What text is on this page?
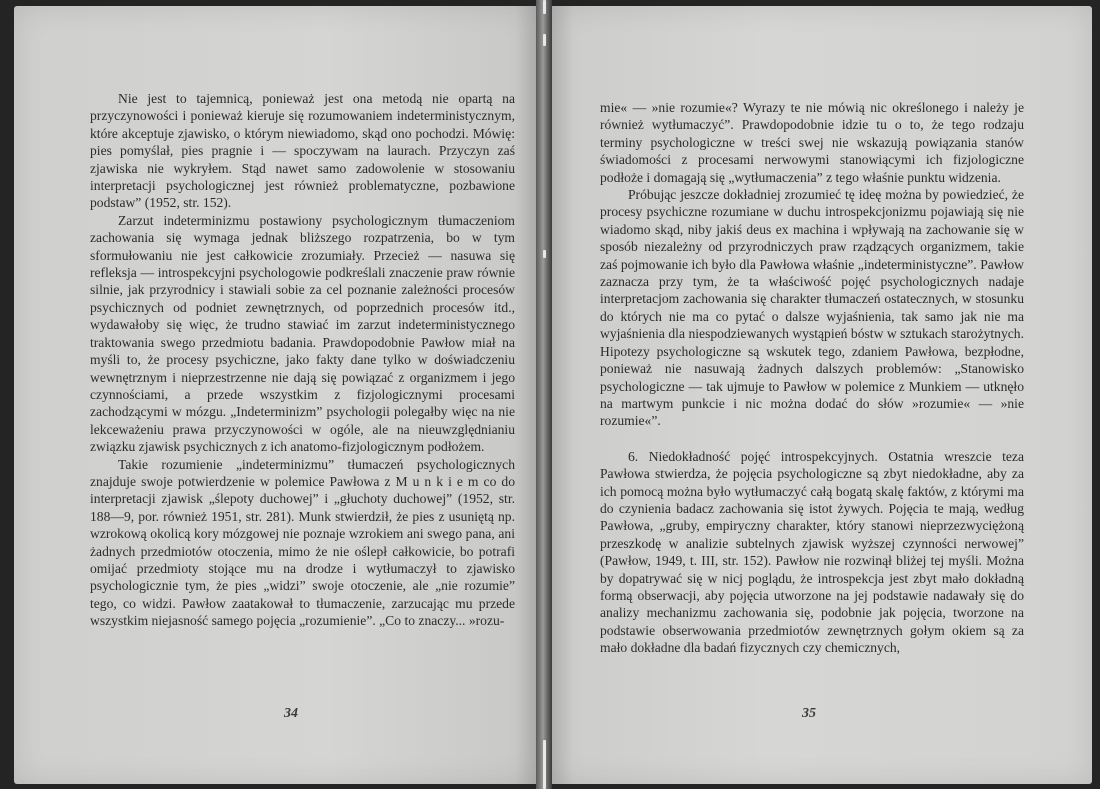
Nie jest to tajemnicą, ponieważ jest ona metodą nie opartą na przyczynowości i ponieważ kieruje się rozumowaniem indeterministycznym, które akceptuje zjawisko, o którym niewiadomo, skąd ono pochodzi. Mówię: pies pomyślał, pies pragnie i — spoczywam na laurach. Przyczyn zaś zjawiska nie wykryłem. Stąd nawet samo zadowolenie w stosowaniu interpretacji psychologicznej jest również problematyczne, pozbawione podstaw” (1952, str. 152).

Zarzut indeterminizmu postawiony psychologicznym tłumaczeniom zachowania się wymaga jednak bliższego rozpatrzenia, bo w tym sformułowaniu nie jest całkowicie zrozumiały. Przecież — nasuwa się refleksja — introspekcyjni psychologowie podkreślali znaczenie praw równie silnie, jak przyrodnicy i stawiali sobie za cel poznanie zależności procesów psychicznych od podniet zewnętrznych, od poprzednich procesów itd., wydawałoby się więc, że trudno stawiać im zarzut indeterministycznego traktowania swego przedmiotu badania. Prawdopodobnie Pawłow miał na myśli to, że procesy psychiczne, jako fakty dane tylko w doświadczeniu wewnętrznym i nieprzestrzenne nie dają się powiązać z organizmem i jego czynnościami, a przede wszystkim z fizjologicznymi procesami zachodzącymi w mózgu. „Indeterminizm” psychologii polegałby więc na nie lekceważeniu prawa przyczynowości w ogóle, ale na nieuwzględnianiu związku zjawisk psychicznych z ich anatomo-fizjologicznym podłożem.

Takie rozumienie „indeterminizmu” tłumaczeń psychologicznych znajduje swoje potwierdzenie w polemice Pawłowa z M u n k i e m co do interpretacji zjawisk „ślepoty duchowej” i „głuchoty duchowej” (1952, str. 188—9, por. również 1951, str. 281). Munk stwierdził, że pies z usuniętą np. wzrokową okolicą kory mózgowej nie poznaje wzrokiem ani swego pana, ani żadnych przedmiotów otoczenia, mimo że nie oślepł całkowicie, bo potrafi omijać przedmioty stojące mu na drodze i wytłumaczył to zjawisko psychologicznie tym, że pies „widzi” swoje otoczenie, ale „nie rozumie” tego, co widzi. Pawłow zaatakował to tłumaczenie, zarzucając mu przede wszystkim niejasność samego pojęcia „rozumienie”. „Co to znaczy... »rozu-

34

mie« — »nie rozumie«? Wyrazy te nie mówią nic określonego i należy je również wytłumaczyć”. Prawdopodobnie idzie tu o to, że tego rodzaju terminy psychologiczne w treści swej nie wskazują powiązania stanów świadomości z procesami nerwowymi stanowiącymi ich fizjologiczne podłoże i domagają się „wytłumaczenia” z tego właśnie punktu widzenia.

Próbując jeszcze dokładniej zrozumieć tę ideę można by powiedzieć, że procesy psychiczne rozumiane w duchu introspekcjonizmu pojawiają się nie wiadomo skąd, niby jakiś deus ex machina i wpływają na zachowanie się w sposób niezależny od przyrodniczych praw rządzących organizmem, takie zaś pojmowanie ich było dla Pawłowa właśnie „indeterministyczne”. Pawłow zaznacza przy tym, że ta właściwość pojęć psychologicznych nadaje interpretacjom zachowania się charakter tłumaczeń ostatecznych, w stosunku do których nie ma co pytać o dalsze wyjaśnienia, tak samo jak nie ma wyjaśnienia dla niespodziewanych wystąpień bóstw w sztukach starożytnych. Hipotezy psychologiczne są wskutek tego, zdaniem Pawłowa, bezpłodne, ponieważ nie nasuwają żadnych dalszych problemów: „Stanowisko psychologiczne — tak ujmuje to Pawłow w polemice z Munkiem — utknęło na martwym punkcie i nic można dodać do słów »rozumie« — »nie rozumie«”.

6. Niedokładność pojęć introspekcyjnych. Ostatnia wreszcie teza Pawłowa stwierdza, że pojęcia psychologiczne są zbyt niedokładne, aby za ich pomocą można było wytłumaczyć całą bogatą skalę faktów, z którymi ma do czynienia badacz zachowania się istot żywych. Pojęcia te mają, według Pawłowa, „gruby, empiryczny charakter, który stanowi nieprzezwyciężoną przeszkodę w analizie subtelnych zjawisk wyższej czynności nerwowej” (Pawłow, 1949, t. III, str. 152). Pawłow nie rozwinął bliżej tej myśli. Można by dopatrywać się w nicj poglądu, że introspekcja jest zbyt mało dokładną formą obserwacji, aby pojęcia utworzone na jej podstawie nadawały się do analizy mechanizmu zachowania się, podobnie jak pojęcia, tworzone na podstawie obserwowania przedmiotów zewnętrznych gołym okiem są za mało dokładne dla badań fizycznych czy chemicznych,

35
